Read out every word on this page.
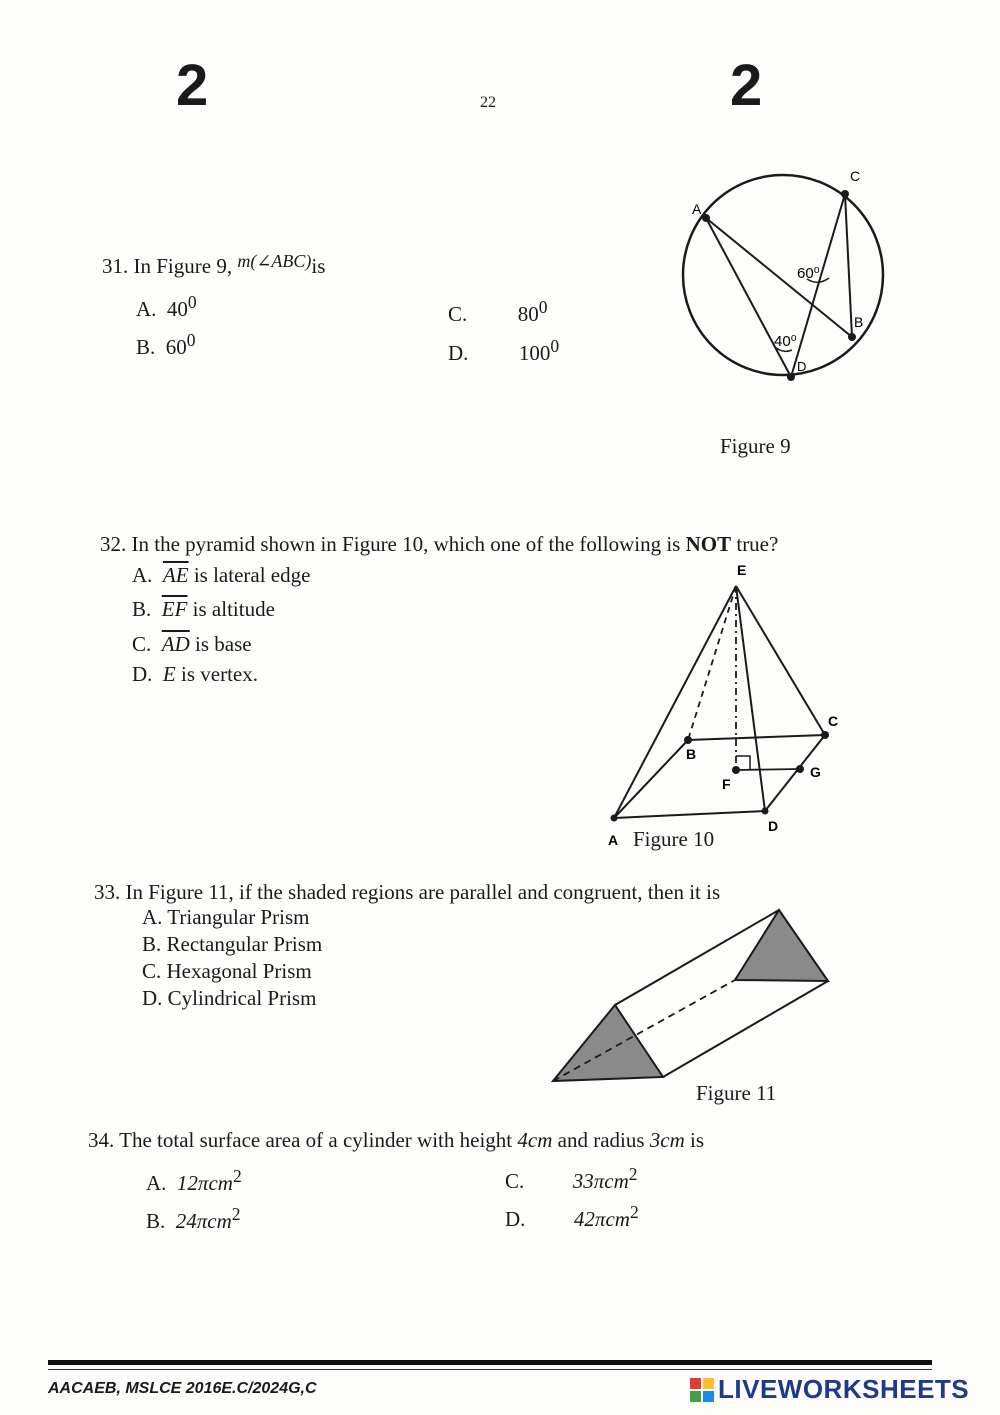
2	22	2
31. In Figure 9, m(∠ABC)is
A. $40^0$
B. $60^0$
C. $80^0$
D. $100^0$
A
C
B
D
60⁰
40⁰
Figure 9
32. In the pyramid shown in Figure 10, which one of the following is NOT true?
A. $\overline{AE}$ is lateral edge
B. $\overline{EF}$ is altitude
C. $\overline{AD}$ is base
D. E is vertex.
E
B
C
F
G
D
A Figure 10
33. In Figure 11, if the shaded regions are parallel and congruent, then it is
A. Triangular Prism
B. Rectangular Prism
C. Hexagonal Prism
D. Cylindrical Prism
Figure 11
34. The total surface area of a cylinder with height 4cm and radius 3cm is
A. 12πcm$^2$
B. 24πcm$^2$
C. 33πcm$^2$
D. 42πcm$^2$
AACAEB, MSLCE 2016E.C/2024G,C	LIVEWORKSHEETS
